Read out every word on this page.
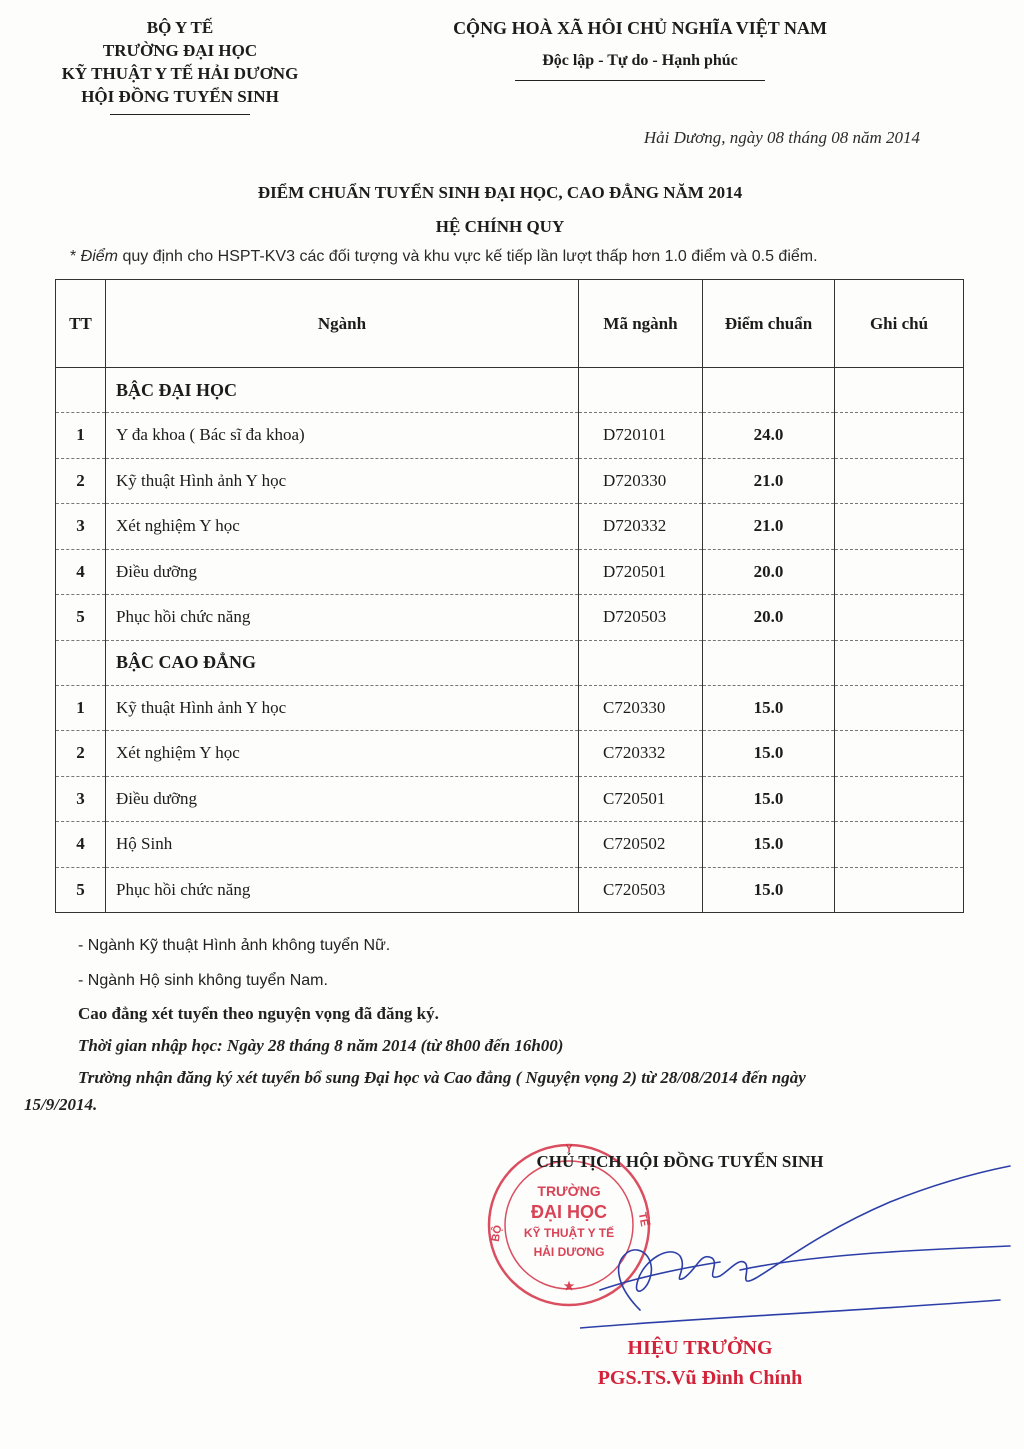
BỘ Y TẾ
TRƯỜNG ĐẠI HỌC
KỸ THUẬT Y TẾ HẢI DƯƠNG
HỘI ĐỒNG TUYỂN SINH
CỘNG HOÀ XÃ HÔI CHỦ NGHĨA VIỆT NAM
Độc lập - Tự do - Hạnh phúc
Hải Dương, ngày 08 tháng 08 năm 2014
ĐIỂM CHUẨN TUYỂN SINH ĐẠI HỌC, CAO ĐẲNG NĂM 2014
HỆ CHÍNH QUY
* Điểm quy định cho HSPT-KV3 các đối tượng và khu vực kế tiếp lần lượt thấp hơn 1.0 điểm và 0.5 điểm.
TT	Ngành	Mã ngành	Điểm chuẩn	Ghi chú
	BẬC ĐẠI HỌC			
1	Y đa khoa ( Bác sĩ đa khoa)	D720101	24.0	
2	Kỹ thuật Hình ảnh Y học	D720330	21.0	
3	Xét nghiệm Y học	D720332	21.0	
4	Điều dưỡng	D720501	20.0	
5	Phục hồi chức năng	D720503	20.0	
	BẬC CAO ĐẲNG			
1	Kỹ thuật Hình ảnh Y học	C720330	15.0	
2	Xét nghiệm Y học	C720332	15.0	
3	Điều dưỡng	C720501	15.0	
4	Hộ Sinh	C720502	15.0	
5	Phục hồi chức năng	C720503	15.0	
- Ngành Kỹ thuật Hình ảnh không tuyển Nữ.
- Ngành Hộ sinh không tuyển Nam.
Cao đẳng xét tuyển theo nguyện vọng đã đăng ký.
Thời gian nhập học: Ngày 28 tháng 8 năm 2014 (từ 8h00 đến 16h00)
Trường nhận đăng ký xét tuyển bổ sung Đại học và Cao đẳng ( Nguyện vọng 2) từ 28/08/2014 đến ngày
15/9/2014.
Y
BỘ
TẾ
TRƯỜNG
ĐẠI HỌC
KỸ THUẬT Y TẾ
HẢI DƯƠNG
★
CHỦ TỊCH HỘI ĐỒNG TUYỂN SINH
HIỆU TRƯỞNG
PGS.TS.Vũ Đình Chính
